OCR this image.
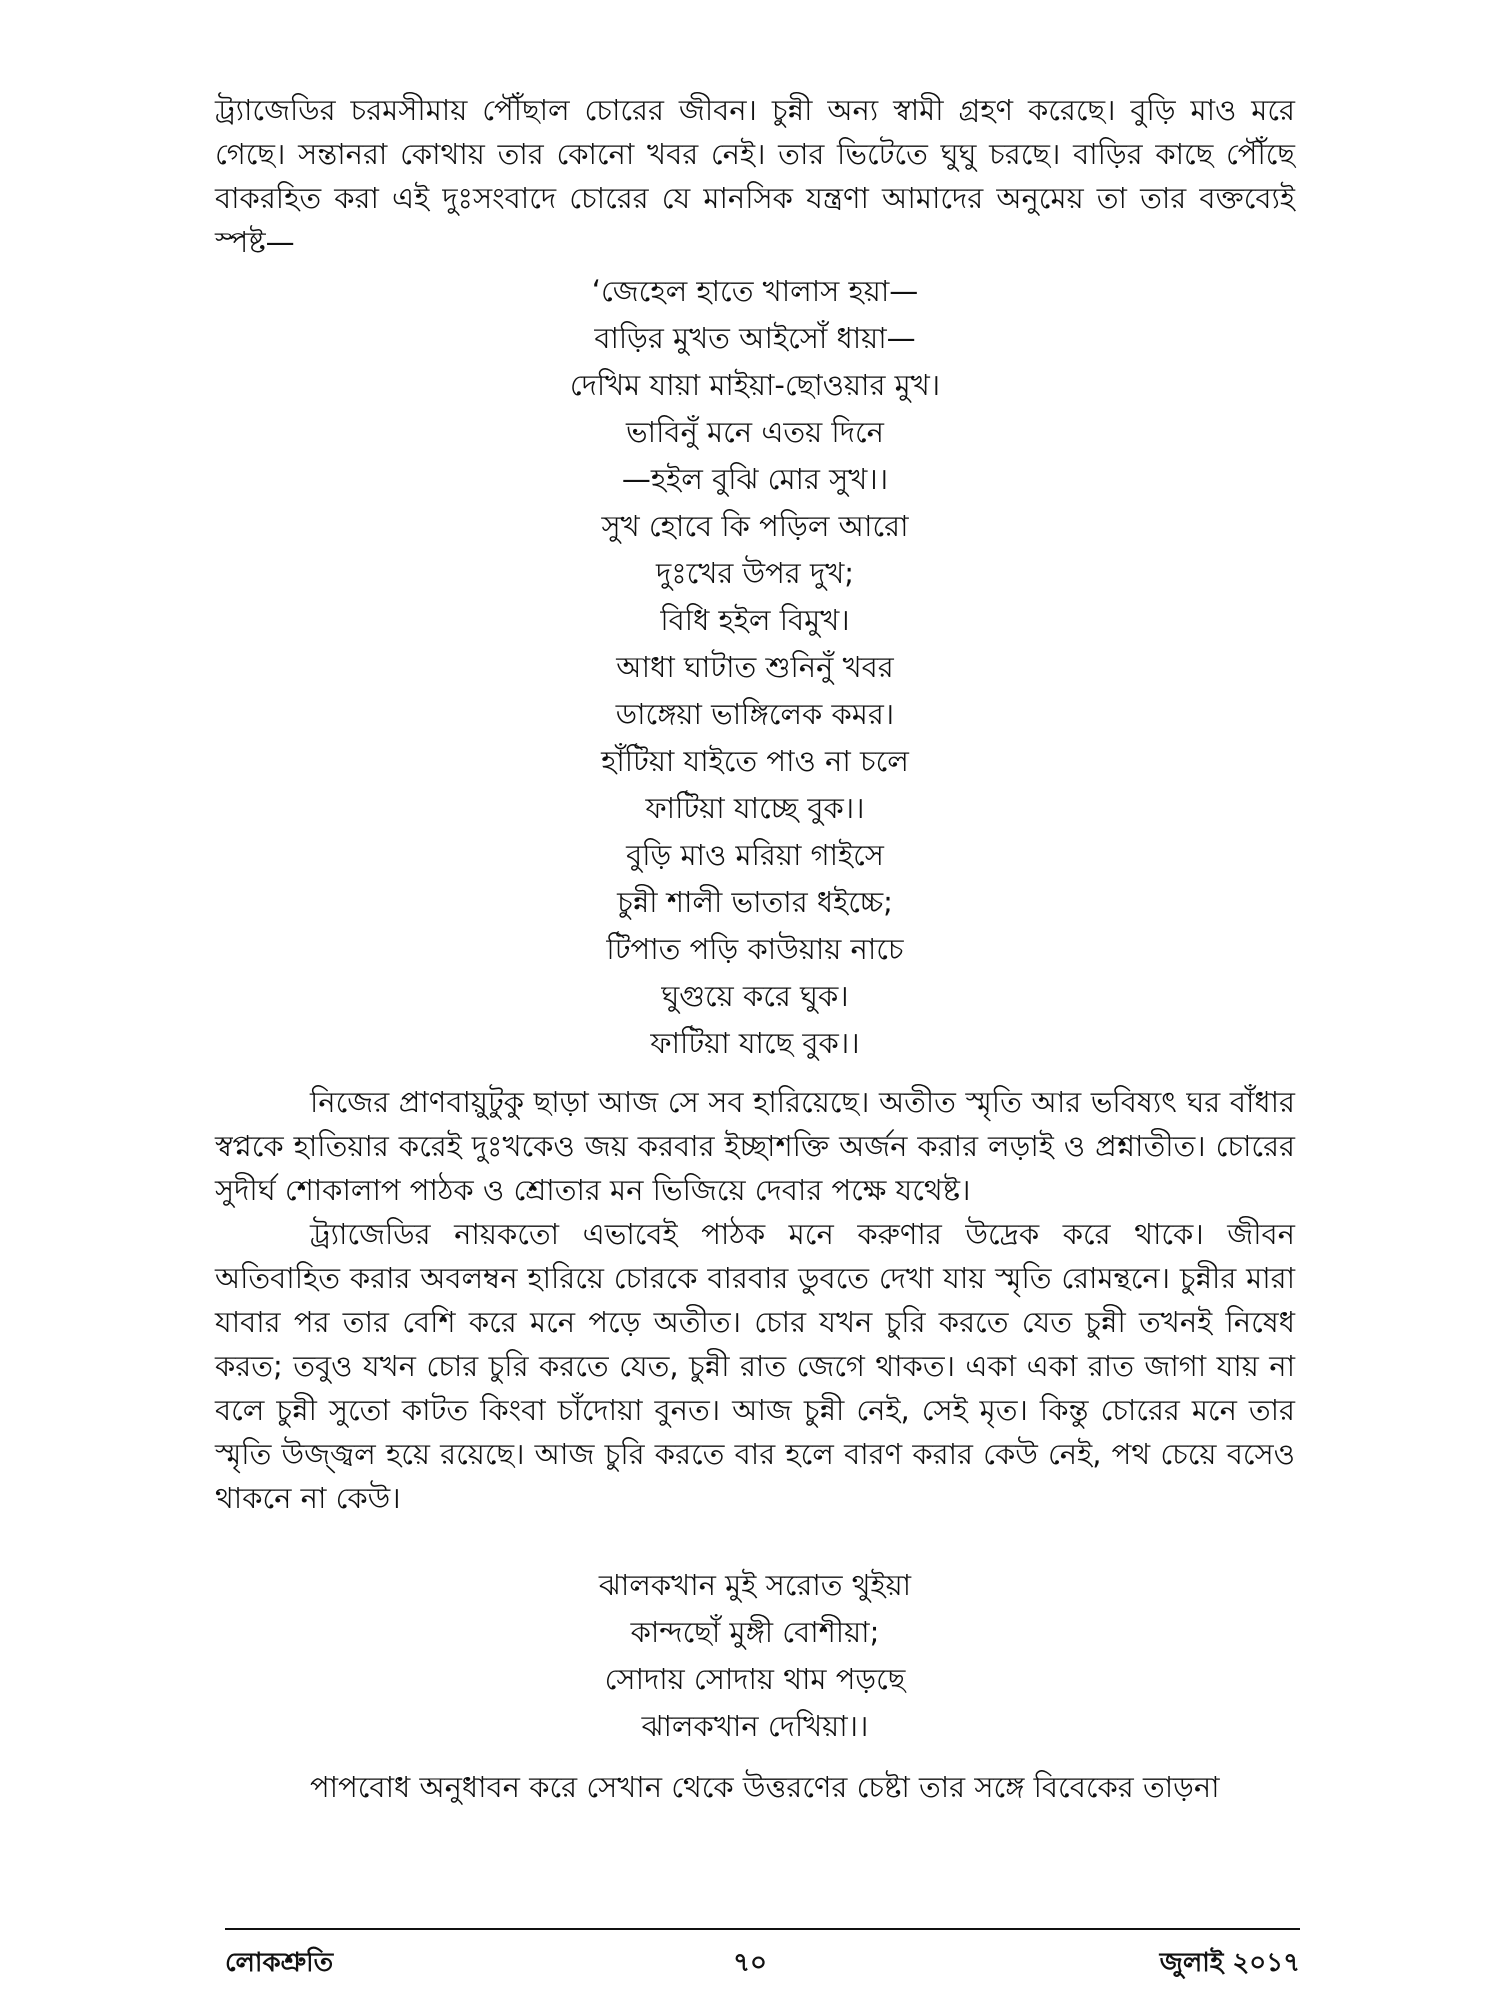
ট্র্যাজেডির চরমসীমায় পৌঁছাল চোরের জীবন। চুন্নী অন্য স্বামী গ্রহণ করেছে। বুড়ি মাও মরে গেছে। সন্তানরা কোথায় তার কোনো খবর নেই। তার ভিটেতে ঘুঘু চরছে। বাড়ির কাছে পৌঁছে বাকরহিত করা এই দুঃসংবাদে চোরের যে মানসিক যন্ত্রণা আমাদের অনুমেয় তা তার বক্তব্যেই স্পষ্ট—

‘জেহেল হাতে খালাস হয়া—
বাড়ির মুখত আইসোঁ ধায়া—
দেখিম যায়া মাইয়া-ছোওয়ার মুখ।
ভাবিনুঁ মনে এতয় দিনে
—হইল বুঝি মোর সুখ।।
সুখ হোবে কি পড়িল আরো
দুঃখের উপর দুখ;
বিধি হইল বিমুখ।
আধা ঘাটাত শুনিনুঁ খবর
ডাঙ্গেয়া ভাঙ্গিলেক কমর।
হাঁটিয়া যাইতে পাও না চলে
ফাটিয়া যাচ্ছে বুক।।
বুড়ি মাও মরিয়া গাইসে
চুন্নী শালী ভাতার ধইচ্চে;
টিপাত পড়ি কাউয়ায় নাচে
ঘুগুয়ে করে ঘুক।
ফাটিয়া যাছে বুক।।

নিজের প্রাণবায়ুটুকু ছাড়া আজ সে সব হারিয়েছে। অতীত স্মৃতি আর ভবিষ্যৎ ঘর বাঁধার স্বপ্নকে হাতিয়ার করেই দুঃখকেও জয় করবার ইচ্ছাশক্তি অর্জন করার লড়াই ও প্রশ্নাতীত। চোরের সুদীর্ঘ শোকালাপ পাঠক ও শ্রোতার মন ভিজিয়ে দেবার পক্ষে যথেষ্ট।

ট্র্যাজেডির নায়কতো এভাবেই পাঠক মনে করুণার উদ্রেক করে থাকে। জীবন অতিবাহিত করার অবলম্বন হারিয়ে চোরকে বারবার ডুবতে দেখা যায় স্মৃতি রোমন্থনে। চুন্নীর মারা যাবার পর তার বেশি করে মনে পড়ে অতীত। চোর যখন চুরি করতে যেত চুন্নী তখনই নিষেধ করত; তবুও যখন চোর চুরি করতে যেত, চুন্নী রাত জেগে থাকত। একা একা রাত জাগা যায় না বলে চুন্নী সুতো কাটত কিংবা চাঁদোয়া বুনত। আজ চুন্নী নেই, সেই মৃত। কিন্তু চোরের মনে তার স্মৃতি উজ্জ্বল হয়ে রয়েছে। আজ চুরি করতে বার হলে বারণ করার কেউ নেই, পথ চেয়ে বসেও থাকনে না কেউ।

ঝালকখান মুই সরোত থুইয়া
কান্দছোঁ মুঙ্গী বোশীয়া;
সোদায় সোদায় থাম পড়ছে
ঝালকখান দেখিয়া।।

পাপবোধ অনুধাবন করে সেখান থেকে উত্তরণের চেষ্টা তার সঙ্গে বিবেকের তাড়না

লোকশ্রুতি	৭০	জুলাই ২০১৭
